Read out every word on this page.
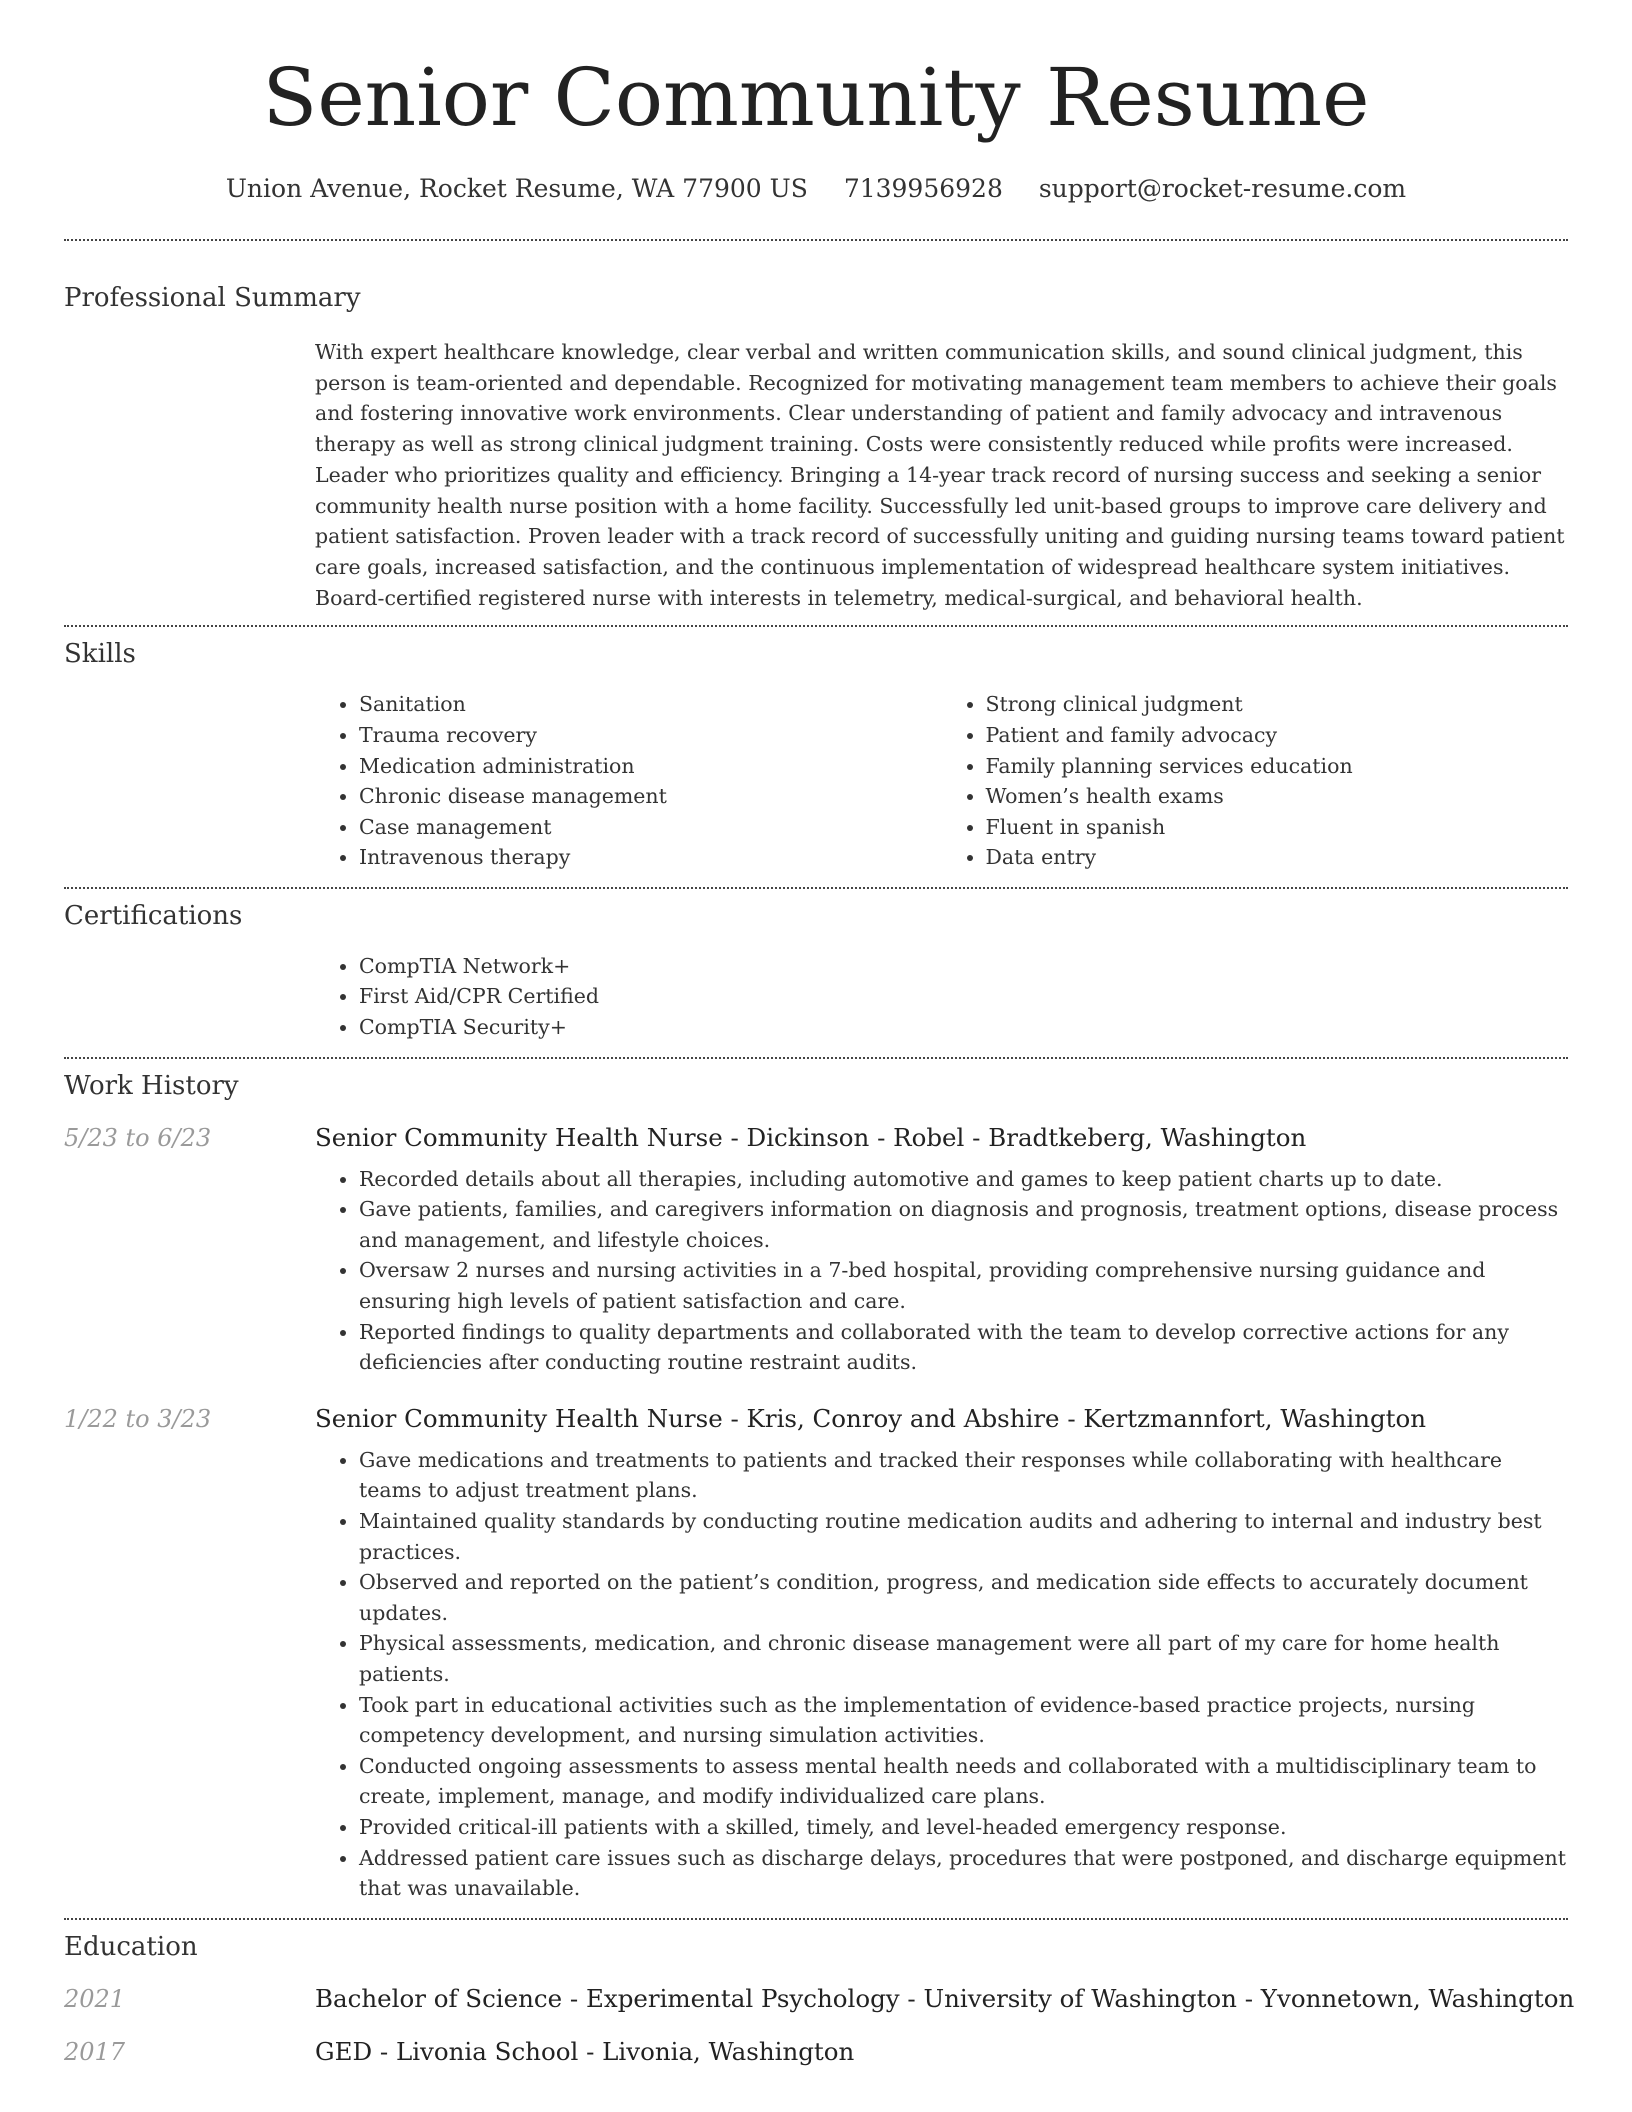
Senior Community Resume
Union Avenue, Rocket Resume, WA 77900 US 7139956928 support@rocket-resume.com
Professional Summary

With expert healthcare knowledge, clear verbal and written communication skills, and sound clinical judgment, this person is team-oriented and dependable. Recognized for motivating management team members to achieve their goals and fostering innovative work environments. Clear understanding of patient and family advocacy and intravenous therapy as well as strong clinical judgment training. Costs were consistently reduced while profits were increased. Leader who prioritizes quality and efficiency. Bringing a 14-year track record of nursing success and seeking a senior community health nurse position with a home facility. Successfully led unit-based groups to improve care delivery and patient satisfaction. Proven leader with a track record of successfully uniting and guiding nursing teams toward patient care goals, increased satisfaction, and the continuous implementation of widespread healthcare system initiatives. Board-certified registered nurse with interests in telemetry, medical-surgical, and behavioral health.

Skills
• Sanitation
• Trauma recovery
• Medication administration
• Chronic disease management
• Case management
• Intravenous therapy
• Strong clinical judgment
• Patient and family advocacy
• Family planning services education
• Women’s health exams
• Fluent in spanish
• Data entry
Certifications
• CompTIA Network+
• First Aid/CPR Certified
• CompTIA Security+
Work History
5/23 to 6/23	Senior Community Health Nurse - Dickinson - Robel - Bradtkeberg, Washington
• Recorded details about all therapies, including automotive and games to keep patient charts up to date.
• Gave patients, families, and caregivers information on diagnosis and prognosis, treatment options, disease process and management, and lifestyle choices.
• Oversaw 2 nurses and nursing activities in a 7-bed hospital, providing comprehensive nursing guidance and ensuring high levels of patient satisfaction and care.
• Reported findings to quality departments and collaborated with the team to develop corrective actions for any deficiencies after conducting routine restraint audits.
1/22 to 3/23	Senior Community Health Nurse - Kris, Conroy and Abshire - Kertzmannfort, Washington
• Gave medications and treatments to patients and tracked their responses while collaborating with healthcare teams to adjust treatment plans.
• Maintained quality standards by conducting routine medication audits and adhering to internal and industry best practices.
• Observed and reported on the patient’s condition, progress, and medication side effects to accurately document updates.
• Physical assessments, medication, and chronic disease management were all part of my care for home health patients.
• Took part in educational activities such as the implementation of evidence-based practice projects, nursing competency development, and nursing simulation activities.
• Conducted ongoing assessments to assess mental health needs and collaborated with a multidisciplinary team to create, implement, manage, and modify individualized care plans.
• Provided critical-ill patients with a skilled, timely, and level-headed emergency response.
• Addressed patient care issues such as discharge delays, procedures that were postponed, and discharge equipment that was unavailable.
Education
2021	Bachelor of Science - Experimental Psychology - University of Washington - Yvonnetown, Washington
2017	GED - Livonia School - Livonia, Washington
